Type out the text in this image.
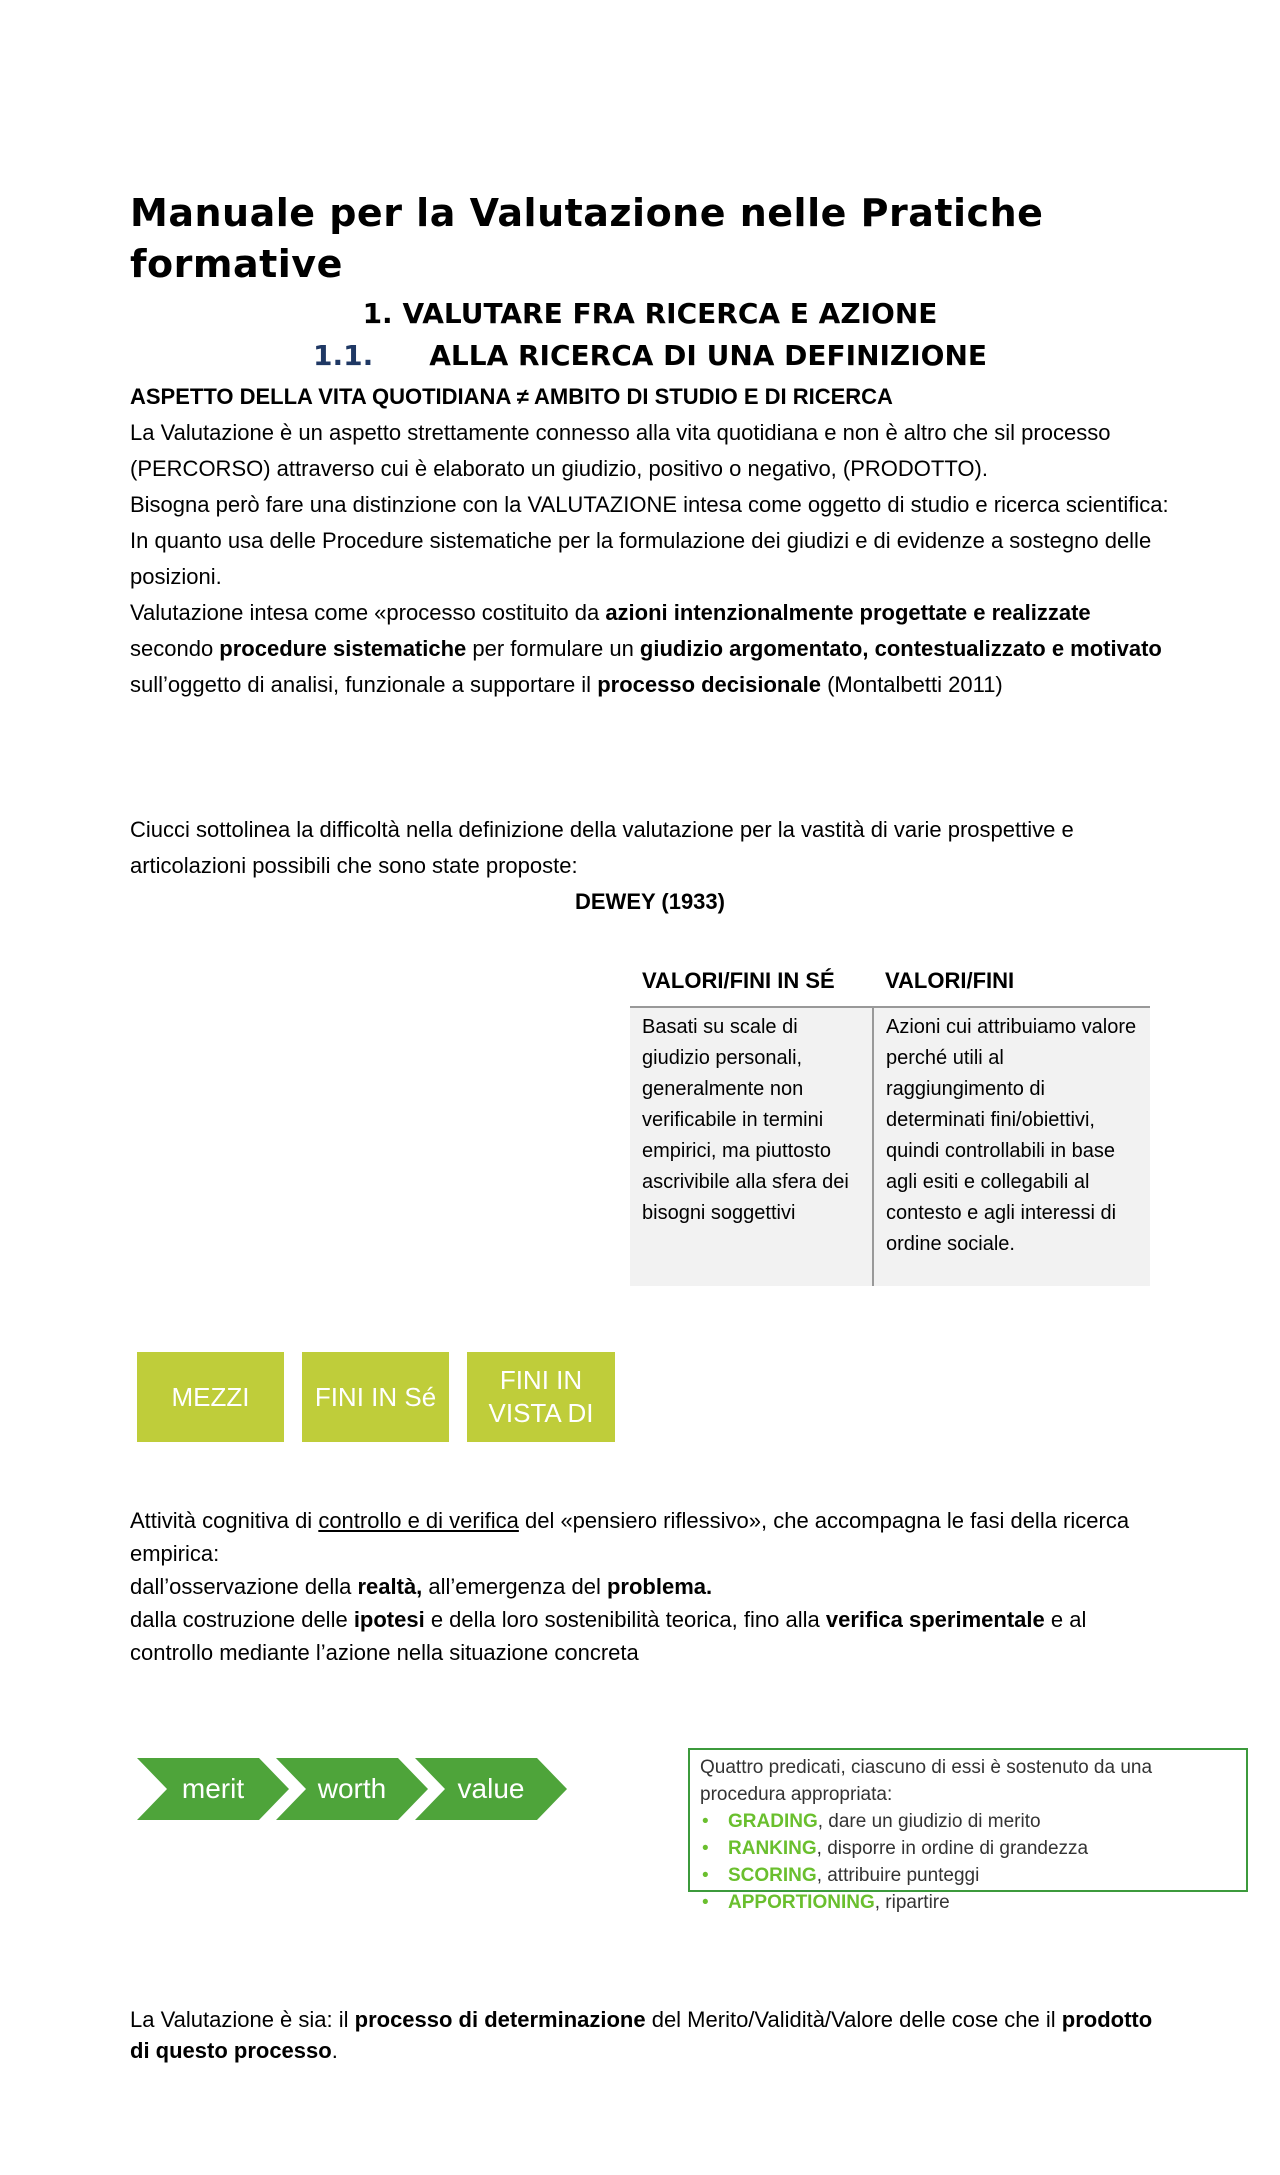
Manuale per la Valutazione nelle Pratiche formative
1. VALUTARE FRA RICERCA E AZIONE
1.1. ALLA RICERCA DI UNA DEFINIZIONE

ASPETTO DELLA VITA QUOTIDIANA ≠ AMBITO DI STUDIO E DI RICERCA

La Valutazione è un aspetto strettamente connesso alla vita quotidiana e non è altro che sil processo (PERCORSO) attraverso cui è elaborato un giudizio, positivo o negativo, (PRODOTTO).

Bisogna però fare una distinzione con la VALUTAZIONE intesa come oggetto di studio e ricerca scientifica: In quanto usa delle Procedure sistematiche per la formulazione dei giudizi e di evidenze a sostegno delle posizioni.

Valutazione intesa come «processo costituito da azioni intenzionalmente progettate e realizzate secondo procedure sistematiche per formulare un giudizio argomentato, contestualizzato e motivato sull’oggetto di analisi, funzionale a supportare il processo decisionale (Montalbetti 2011)

Ciucci sottolinea la difficoltà nella definizione della valutazione per la vastità di varie prospettive e articolazioni possibili che sono state proposte:

DEWEY (1933)

VALORI/FINI IN SÉ	VALORI/FINI
Basati su scale di giudizio personali, generalmente non verificabile in termini empirici, ma piuttosto ascrivibile alla sfera dei bisogni soggettivi	Azioni cui attribuiamo valore perché utili al raggiungimento di determinati fini/obiettivi, quindi controllabili in base agli esiti e collegabili al contesto e agli interessi di ordine sociale.
MEZZI	FINI IN Sé
FINI IN VISTA DI

Attività cognitiva di controllo e di verifica del «pensiero riflessivo», che accompagna le fasi della ricerca empirica:

dall’osservazione della realtà, all’emergenza del problema.

dalla costruzione delle ipotesi e della loro sostenibilità teorica, fino alla verifica sperimentale e al controllo mediante l’azione nella situazione concreta

merit	worth	value
Quattro predicati, ciascuno di essi è sostenuto da una procedura appropriata:
• GRADING, dare un giudizio di merito
• RANKING, disporre in ordine di grandezza
• SCORING, attribuire punteggi
• APPORTIONING, ripartire

La Valutazione è sia: il processo di determinazione del Merito/Validità/Valore delle cose che il prodotto di questo processo.
